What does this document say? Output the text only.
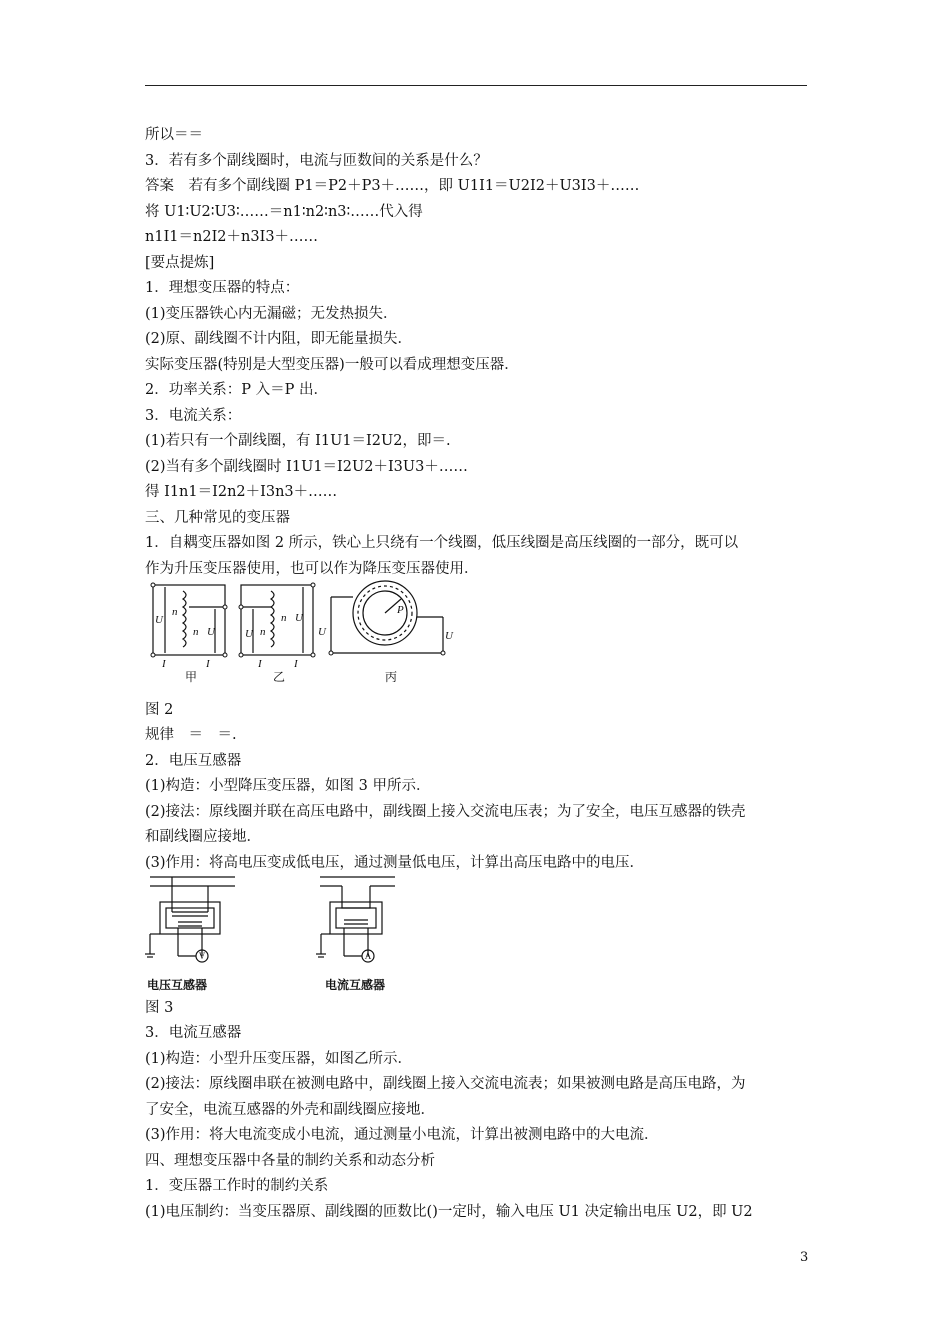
所以＝＝
3．若有多个副线圈时，电流与匝数间的关系是什么？
答案　若有多个副线圈 P1＝P2＋P3＋……，即 U1I1＝U2I2＋U3I3＋……
将 U1∶U2∶U3∶……＝n1∶n2∶n3∶……代入得
n1I1＝n2I2＋n3I3＋……
[要点提炼]
1．理想变压器的特点：
(1)变压器铁心内无漏磁；无发热损失．
(2)原、副线圈不计内阻，即无能量损失．
实际变压器(特别是大型变压器)一般可以看成理想变压器．
2．功率关系：P 入＝P 出．
3．电流关系：
(1)若只有一个副线圈，有 I1U1＝I2U2，即＝.
(2)当有多个副线圈时 I1U1＝I2U2＋I3U3＋……
得 I1n1＝I2n2＋I3n3＋……
三、几种常见的变压器
1．自耦变压器如图 2 所示，铁心上只绕有一个线圈，低压线圈是高压线圈的一部分，既可以
作为升压变压器使用，也可以作为降压变压器使用．
U
n
n U
I	I
U n
n U
I	I
U
P
U
甲	乙	丙
图 2
规律　＝　＝.
2．电压互感器
(1)构造：小型降压变压器，如图 3 甲所示．
(2)接法：原线圈并联在高压电路中，副线圈上接入交流电压表；为了安全，电压互感器的铁壳
和副线圈应接地．
(3)作用：将高电压变成低电压，通过测量低电压，计算出高压电路中的电压．
V	A
电压互感器	电流互感器
图 3
3．电流互感器
(1)构造：小型升压变压器，如图乙所示．
(2)接法：原线圈串联在被测电路中，副线圈上接入交流电流表；如果被测电路是高压电路，为
了安全，电流互感器的外壳和副线圈应接地．
(3)作用：将大电流变成小电流，通过测量小电流，计算出被测电路中的大电流．
四、理想变压器中各量的制约关系和动态分析
1．变压器工作时的制约关系
(1)电压制约：当变压器原、副线圈的匝数比()一定时，输入电压 U1 决定输出电压 U2，即 U2
3
